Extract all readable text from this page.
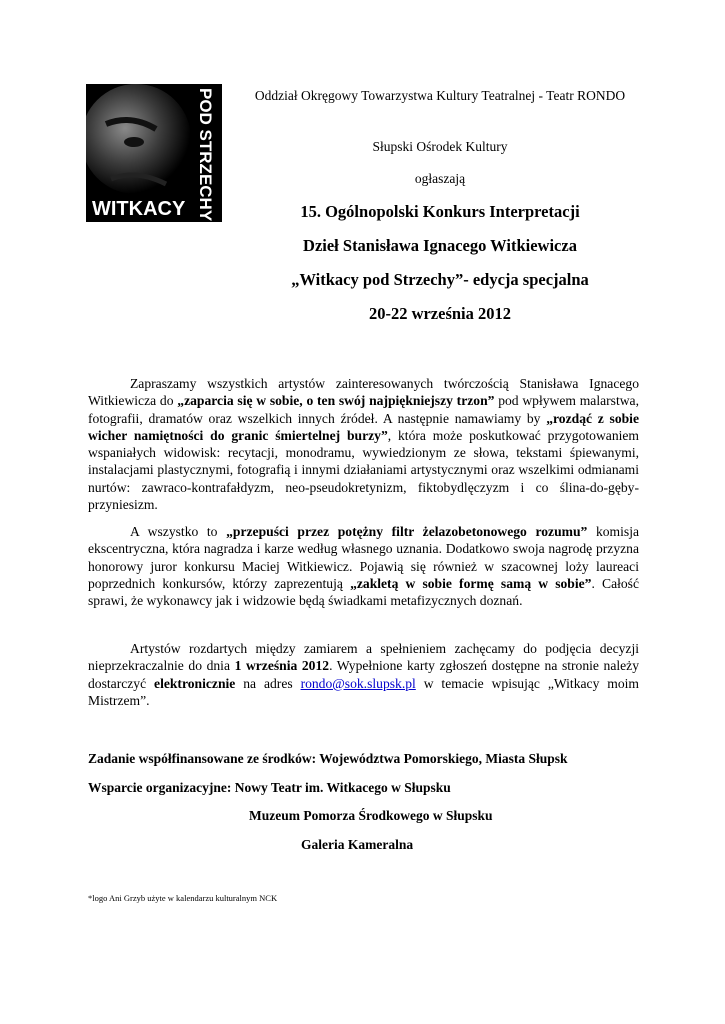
WITKACY POD STRZECHY	Oddział Okręgowy Towarzystwa Kultury Teatralnej - Teatr RONDO
Słupski Ośrodek Kultury
ogłaszają
15. Ogólnopolski Konkurs Interpretacji
Dzieł Stanisława Ignacego Witkiewicza
„Witkacy pod Strzechy”- edycja specjalna
20-22 września 2012

Zapraszamy wszystkich artystów zainteresowanych twórczością Stanisława Ignacego Witkiewicza do „zaparcia się w sobie, o ten swój najpiękniejszy trzon” pod wpływem malarstwa, fotografii, dramatów oraz wszelkich innych źródeł. A następnie namawiamy by „rozdąć z sobie wicher namiętności do granic śmiertelnej burzy”, która może poskutkować przygotowaniem wspaniałych widowisk: recytacji, monodramu, wywiedzionym ze słowa, tekstami śpiewanymi, instalacjami plastycznymi, fotografią i innymi działaniami artystycznymi oraz wszelkimi odmianami nurtów: zawraco-kontrafałdyzm, neo-pseudokretynizm, fiktobydlęczyzm i co ślina-do-gęby-przyniesizm.

A wszystko to „przepuści przez potężny filtr żelazobetonowego rozumu” komisja ekscentryczna, która nagradza i karze według własnego uznania. Dodatkowo swoja nagrodę przyzna honorowy juror konkursu Maciej Witkiewicz. Pojawią się również w szacownej loży laureaci poprzednich konkursów, którzy zaprezentują „zakletą w sobie formę samą w sobie”. Całość sprawi, że wykonawcy jak i widzowie będą świadkami metafizycznych doznań.

Artystów rozdartych między zamiarem a spełnieniem zachęcamy do podjęcia decyzji nieprzekraczalnie do dnia 1 września 2012. Wypełnione karty zgłoszeń dostępne na stronie należy dostarczyć elektronicznie na adres rondo@sok.slupsk.pl w temacie wpisując „Witkacy moim Mistrzem”.

Zadanie współfinansowane ze środków: Województwa Pomorskiego, Miasta Słupsk
Wsparcie organizacyjne: Nowy Teatr im. Witkacego w Słupsku
Muzeum Pomorza Środkowego w Słupsku
Galeria Kameralna
*logo Ani Grzyb użyte w kalendarzu kulturalnym NCK
